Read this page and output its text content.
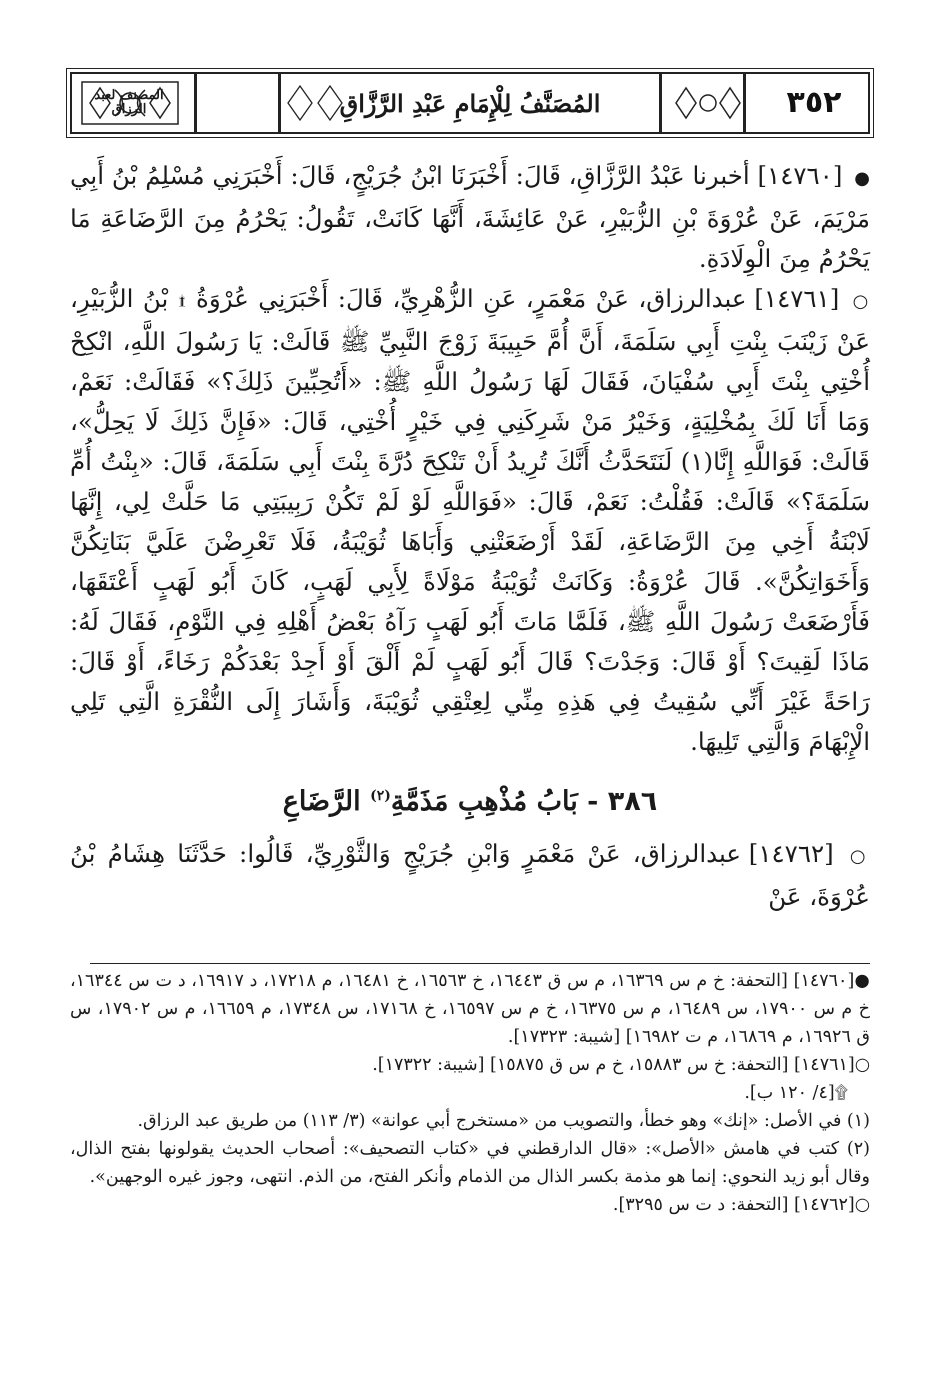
المصنف لعبد الرزاق	المُصَنَّفُ لِلْإِمَامِ عَبْدِ الرَّزَّاقِ	٣٥٢

● [١٤٧٦٠] أخبرنا عَبْدُ الرَّزَّاقِ، قَالَ: أَخْبَرَنَا ابْنُ جُرَيْجٍ، قَالَ: أَخْبَرَنِي مُسْلِمُ بْنُ أَبِي مَرْيَمَ، عَنْ عُرْوَةَ بْنِ الزُّبَيْرِ، عَنْ عَائِشَةَ، أَنَّهَا كَانَتْ، تَقُولُ: يَحْرُمُ مِنَ الرَّضَاعَةِ مَا يَحْرُمُ مِنَ الْوِلَادَةِ.

○ [١٤٧٦١] عبدالرزاق، عَنْ مَعْمَرٍ، عَنِ الزُّهْرِيِّ، قَالَ: أَخْبَرَنِي عُرْوَةُ ۩ بْنُ الزُّبَيْرِ، عَنْ زَيْنَبَ بِنْتِ أَبِي سَلَمَةَ، أَنَّ أُمَّ حَبِيبَةَ زَوْجَ النَّبِيِّ ﷺ قَالَتْ: يَا رَسُولَ اللَّهِ، انْكِحْ أُخْتِي بِنْتَ أَبِي سُفْيَانَ، فَقَالَ لَهَا رَسُولُ اللَّهِ ﷺ: «أَتُحِبِّينَ ذَلِكَ؟» فَقَالَتْ: نَعَمْ، وَمَا أَنَا لَكَ بِمُخْلِيَةٍ، وَخَيْرُ مَنْ شَرِكَنِي فِي خَيْرٍ أُخْتِي، قَالَ: «فَإِنَّ ذَلِكَ لَا يَحِلُّ»، قَالَتْ: فَوَاللَّهِ إِنَّا(١) لَنَتَحَدَّثُ أَنَّكَ تُرِيدُ أَنْ تَنْكِحَ دُرَّةَ بِنْتَ أَبِي سَلَمَةَ، قَالَ: «بِنْتُ أُمِّ سَلَمَةَ؟» قَالَتْ: فَقُلْتُ: نَعَمْ، قَالَ: «فَوَاللَّهِ لَوْ لَمْ تَكُنْ رَبِيبَتِي مَا حَلَّتْ لِي، إِنَّهَا لَابْنَةُ أَخِي مِنَ الرَّضَاعَةِ، لَقَدْ أَرْضَعَتْنِي وَأَبَاهَا ثُوَيْبَةُ، فَلَا تَعْرِضْنَ عَلَيَّ بَنَاتِكُنَّ وَأَخَوَاتِكُنَّ». قَالَ عُرْوَةُ: وَكَانَتْ ثُوَيْبَةُ مَوْلَاةً لِأَبِي لَهَبٍ، كَانَ أَبُو لَهَبٍ أَعْتَقَهَا، فَأَرْضَعَتْ رَسُولَ اللَّهِ ﷺ، فَلَمَّا مَاتَ أَبُو لَهَبٍ رَآهُ بَعْضُ أَهْلِهِ فِي النَّوْمِ، فَقَالَ لَهُ: مَاذَا لَقِيتَ؟ أَوْ قَالَ: وَجَدْتَ؟ قَالَ أَبُو لَهَبٍ لَمْ أَلْقَ أَوْ أَجِدْ بَعْدَكُمْ رَخَاءً، أَوْ قَالَ: رَاحَةً غَيْرَ أَنِّي سُقِيتُ فِي هَذِهِ مِنِّي لِعِتْقِي ثُوَيْبَةَ، وَأَشَارَ إِلَى النُّقْرَةِ الَّتِي تَلِي الْإِبْهَامَ وَالَّتِي تَلِيهَا.

٣٨٦ - بَابُ مُذْهِبِ مَذَمَّةِ$^{(٢)}$ الرَّضَاعِ

○ [١٤٧٦٢] عبدالرزاق، عَنْ مَعْمَرٍ وَابْنِ جُرَيْجٍ وَالثَّوْرِيِّ، قَالُوا: حَدَّثَنَا هِشَامُ بْنُ عُرْوَةَ، عَنْ

●[١٤٧٦٠] [التحفة: خ م س ١٦٣٦٩، م س ق ١٦٤٤٣، خ ١٦٥٦٣، خ ١٦٤٨١، م ١٧٢١٨، د ١٦٩١٧، د ت س ١٦٣٤٤، خ م س ١٧٩٠٠، س ١٦٤٨٩، م س ١٦٣٧٥، خ م س ١٦٥٩٧، خ ١٧١٦٨، س ١٧٣٤٨، م ١٦٦٥٩، م س ١٧٩٠٢، س ق ١٦٩٢٦، م ١٦٨٦٩، م ت ١٦٩٨٢] [شيبة: ١٧٣٢٣].

○[١٤٧٦١] [التحفة: خ س ١٥٨٨٣، خ م س ق ١٥٨٧٥] [شيبة: ١٧٣٢٢].

۩[٤/ ١٢٠ ب].

(١) في الأصل: «إنك» وهو خطأ، والتصويب من «مستخرج أبي عوانة» (٣/ ١١٣) من طريق عبد الرزاق.

(٢) كتب في هامش «الأصل»: «قال الدارقطني في «كتاب التصحيف»: أصحاب الحديث يقولونها بفتح الذال، وقال أبو زيد النحوي: إنما هو مذمة بكسر الذال من الذمام وأنكر الفتح، من الذم. انتهى، وجوز غيره الوجهين».

○[١٤٧٦٢] [التحفة: د ت س ٣٢٩٥].
